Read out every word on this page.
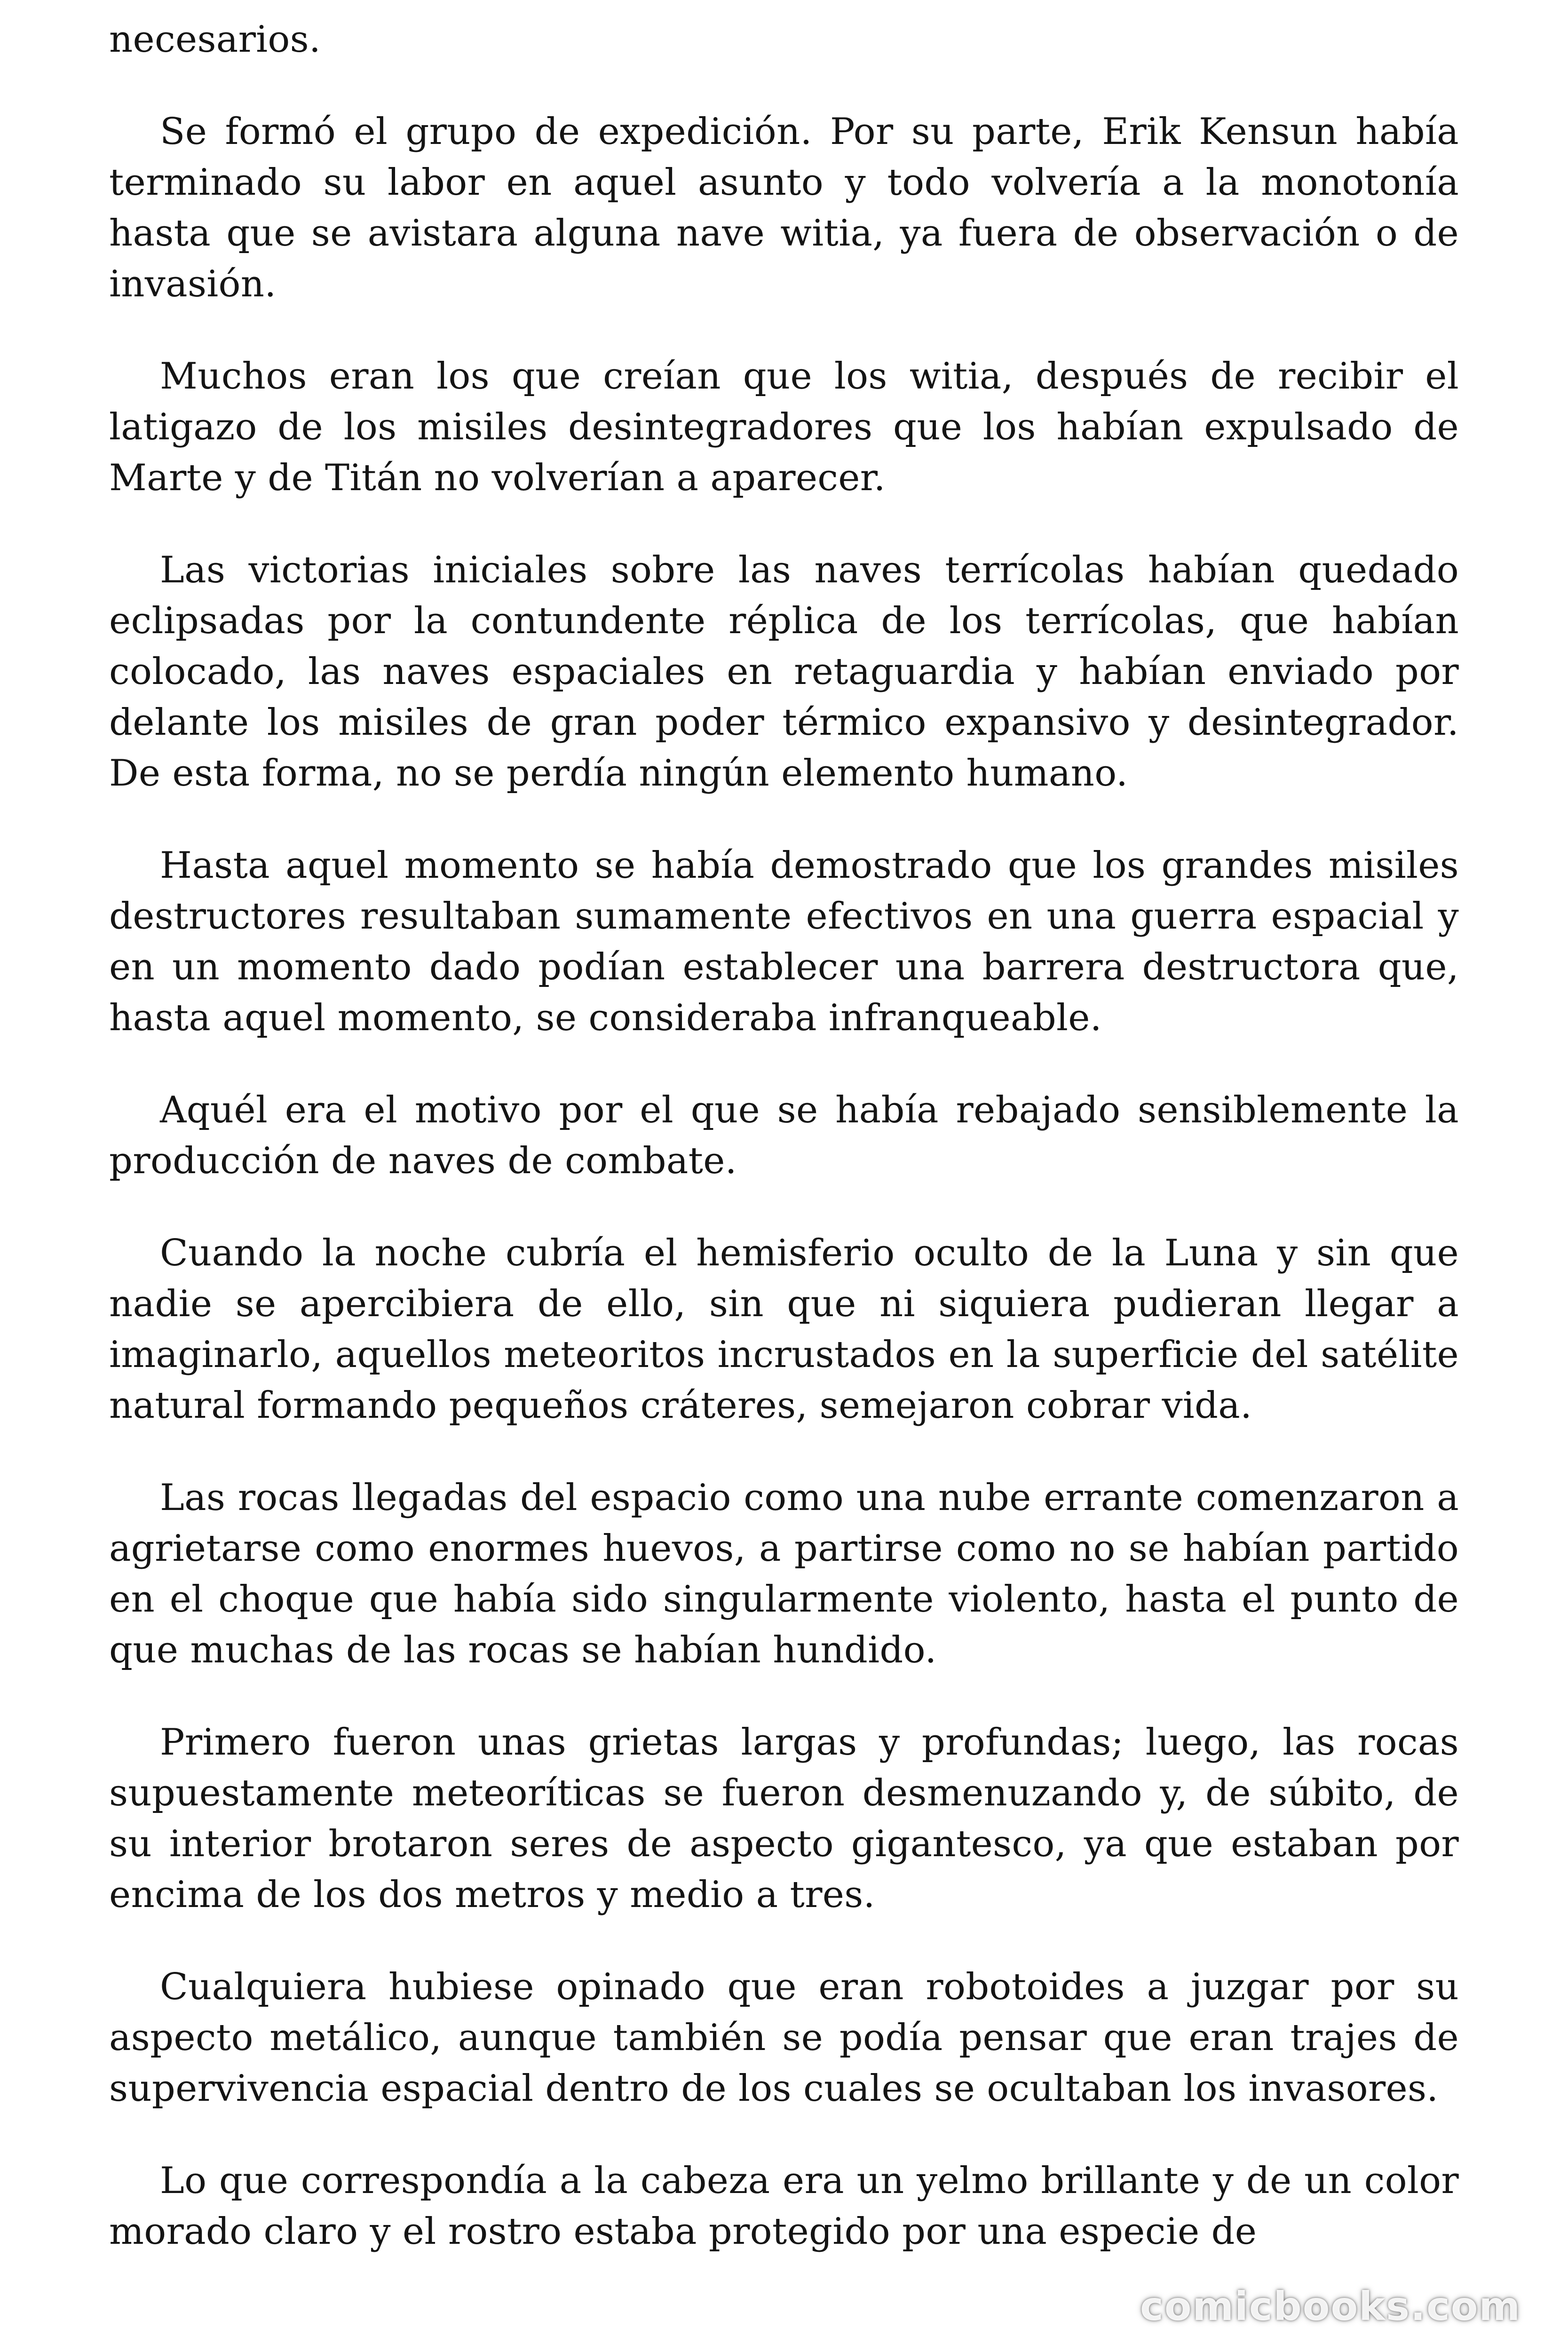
necesarios.

Se formó el grupo de expedición. Por su parte, Erik Kensun había terminado su labor en aquel asunto y todo volvería a la monotonía hasta que se avistara alguna nave witia, ya fuera de observación o de invasión.

Muchos eran los que creían que los witia, después de recibir el latigazo de los misiles desintegradores que los habían expulsado de Marte y de Titán no volverían a aparecer.

Las victorias iniciales sobre las naves terrícolas habían quedado eclipsadas por la contundente réplica de los terrícolas, que habían colocado, las naves espaciales en retaguardia y habían enviado por delante los misiles de gran poder térmico expansivo y desintegrador. De esta forma, no se perdía ningún elemento humano.

Hasta aquel momento se había demostrado que los grandes misiles destructores resultaban sumamente efectivos en una guerra espacial y en un momento dado podían establecer una barrera destructora que, hasta aquel momento, se consideraba infranqueable.

Aquél era el motivo por el que se había rebajado sensiblemente la producción de naves de combate.

Cuando la noche cubría el hemisferio oculto de la Luna y sin que nadie se apercibiera de ello, sin que ni siquiera pudieran llegar a imaginarlo, aquellos meteoritos incrustados en la superficie del satélite natural formando pequeños cráteres, semejaron cobrar vida.

Las rocas llegadas del espacio como una nube errante comenzaron a agrietarse como enormes huevos, a partirse como no se habían partido en el choque que había sido singularmente violento, hasta el punto de que muchas de las rocas se habían hundido.

Primero fueron unas grietas largas y profundas; luego, las rocas supuestamente meteoríticas se fueron desmenuzando y, de súbito, de su interior brotaron seres de aspecto gigantesco, ya que estaban por encima de los dos metros y medio a tres.

Cualquiera hubiese opinado que eran robotoides a juzgar por su aspecto metálico, aunque también se podía pensar que eran trajes de supervivencia espacial dentro de los cuales se ocultaban los invasores.

Lo que correspondía a la cabeza era un yelmo brillante y de un color morado claro y el rostro estaba protegido por una especie de

comicbooks.com
